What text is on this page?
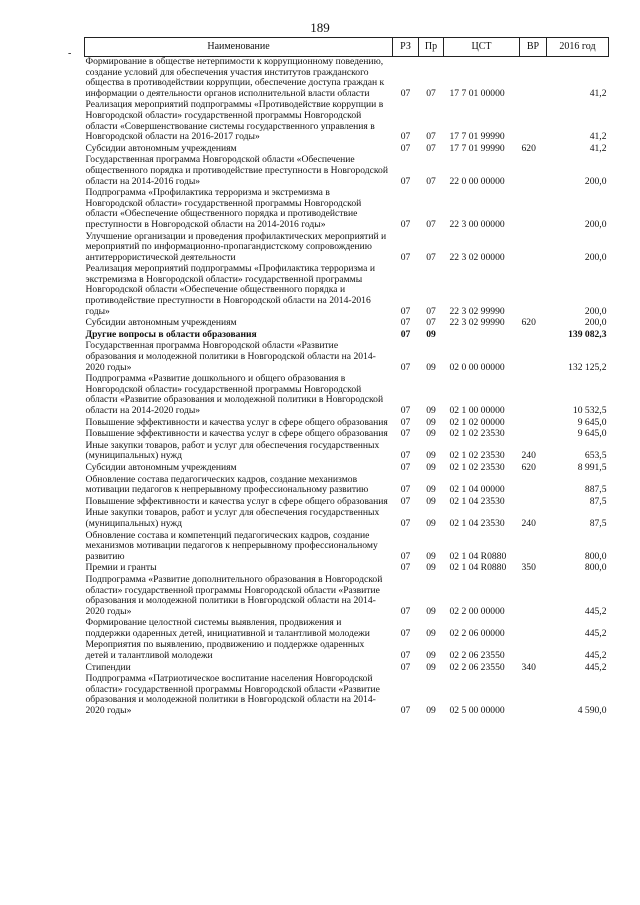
189
-
Наименование	РЗ	Пр	ЦСТ	ВР	2016 год
Формирование в обществе нетерпимости к коррупционному поведению, создание условий для обеспечения участия институтов гражданского общества в противодействии коррупции, обеспечение доступа граждан к информации о деятельности органов исполнительной власти области	07	07	17 7 01 00000		41,2
Реализация мероприятий подпрограммы «Противодействие коррупции в Новгородской области» государственной программы Новгородской области «Совершенствование системы государственного управления в Новгородской области на 2016-2017 годы»	07	07	17 7 01 99990		41,2
Субсидии автономным учреждениям	07	07	17 7 01 99990	620	41,2
Государственная программа Новгородской области «Обеспечение общественного порядка и противодействие преступности в Новгородской области на 2014-2016 годы»	07	07	22 0 00 00000		200,0
Подпрограмма «Профилактика терроризма и экстремизма в Новгородской области» государственной программы Новгородской области «Обеспечение общественного порядка и противодействие преступности в Новгородской области на 2014-2016 годы»	07	07	22 3 00 00000		200,0
Улучшение организации и проведения профилактических мероприятий и мероприятий по информационно-пропагандистскому сопровождению антитеррористической деятельности	07	07	22 3 02 00000		200,0
Реализация мероприятий подпрограммы «Профилактика терроризма и экстремизма в Новгородской области» государственной программы Новгородской области «Обеспечение общественного порядка и противодействие преступности в Новгородской области на 2014-2016 годы»	07	07	22 3 02 99990		200,0
Субсидии автономным учреждениям	07	07	22 3 02 99990	620	200,0
Другие вопросы в области образования	07	09			139 082,3
Государственная программа Новгородской области «Развитие образования и молодежной политики в Новгородской области на 2014-2020 годы»	07	09	02 0 00 00000		132 125,2
Подпрограмма «Развитие дошкольного и общего образования в Новгородской области» государственной программы Новгородской области «Развитие образования и молодежной политики в Новгородской области на 2014-2020 годы»	07	09	02 1 00 00000		10 532,5
Повышение эффективности и качества услуг в сфере общего образования	07	09	02 1 02 00000		9 645,0
Повышение эффективности и качества услуг в сфере общего образования	07	09	02 1 02 23530		9 645,0
Иные закупки товаров, работ и услуг для обеспечения государственных (муниципальных) нужд	07	09	02 1 02 23530	240	653,5
Субсидии автономным учреждениям	07	09	02 1 02 23530	620	8 991,5
Обновление состава педагогических кадров, создание механизмов мотивации педагогов к непрерывному профессиональному развитию	07	09	02 1 04 00000		887,5
Повышение эффективности и качества услуг в сфере общего образования	07	09	02 1 04 23530		87,5
Иные закупки товаров, работ и услуг для обеспечения государственных (муниципальных) нужд	07	09	02 1 04 23530	240	87,5
Обновление состава и компетенций педагогических кадров, создание механизмов мотивации педагогов к непрерывному профессиональному развитию	07	09	02 1 04 R0880		800,0
Премии и гранты	07	09	02 1 04 R0880	350	800,0
Подпрограмма «Развитие дополнительного образования в Новгородской области» государственной программы Новгородской области «Развитие образования и молодежной политики в Новгородской области на 2014-2020 годы»	07	09	02 2 00 00000		445,2
Формирование целостной системы выявления, продвижения и поддержки одаренных детей, инициативной и талантливой молодежи	07	09	02 2 06 00000		445,2
Мероприятия по выявлению, продвижению и поддержке одаренных детей и талантливой молодежи	07	09	02 2 06 23550		445,2
Стипендии	07	09	02 2 06 23550	340	445,2
Подпрограмма «Патриотическое воспитание населения Новгородской области» государственной программы Новгородской области «Развитие образования и молодежной политики в Новгородской области на 2014-2020 годы»	07	09	02 5 00 00000		4 590,0
